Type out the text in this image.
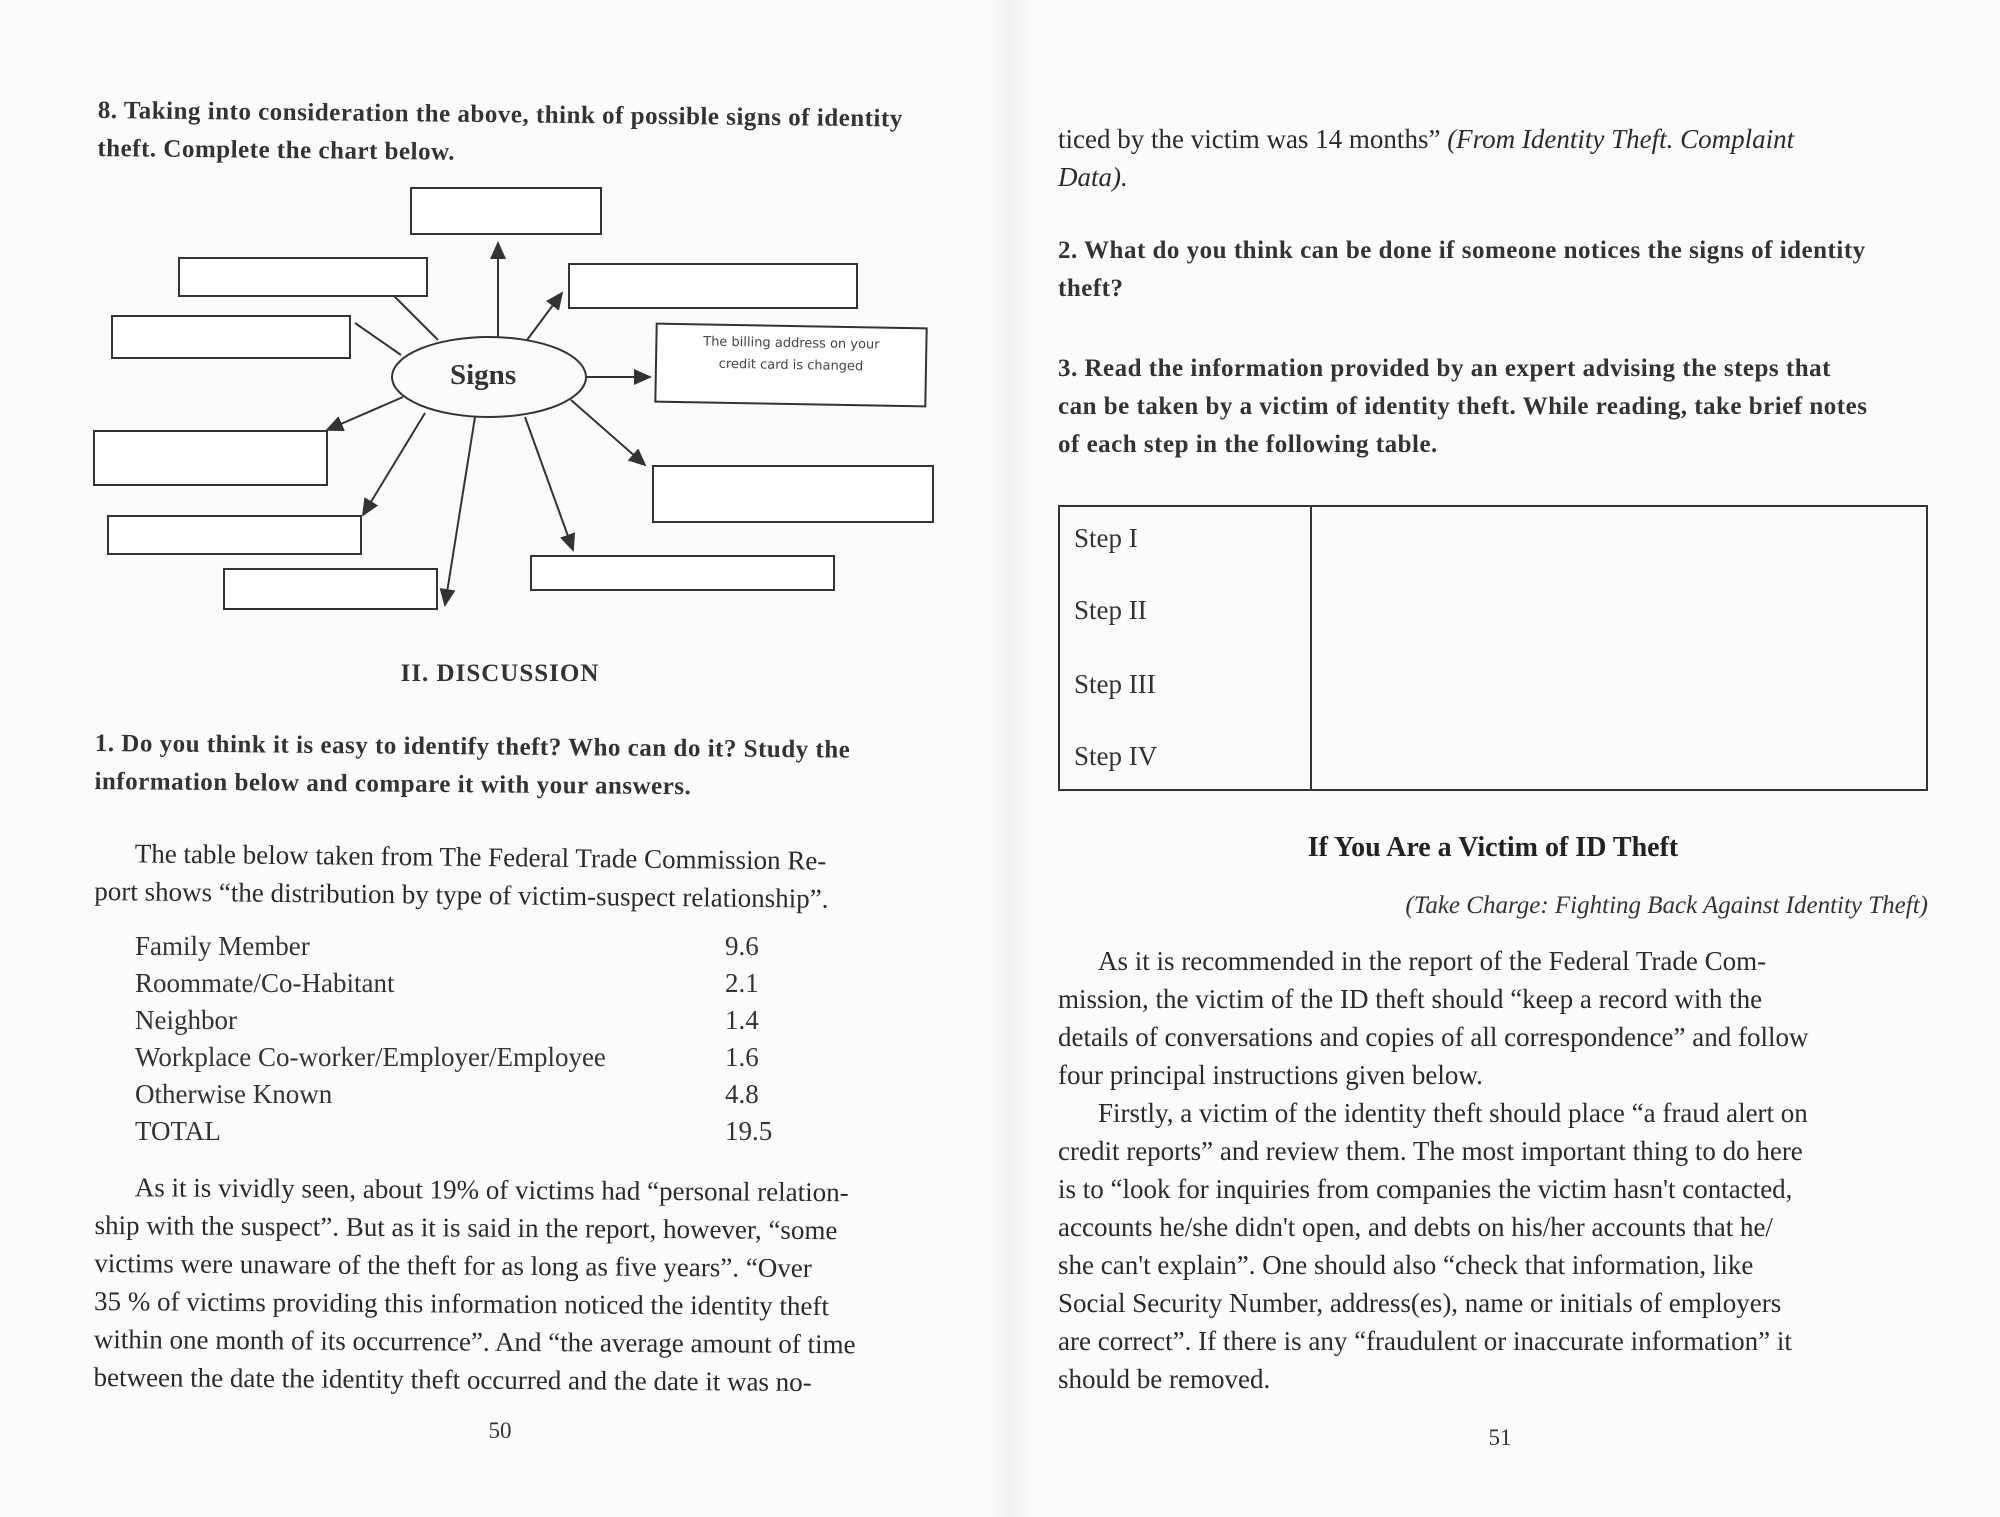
8. Taking into consideration the above, think of possible signs of identity
theft. Complete the chart below.
Signs
The billing address on your
credit card is changed
II. DISCUSSION
1. Do you think it is easy to identify theft? Who can do it? Study the
information below and compare it with your answers.
The table below taken from The Federal Trade Commission Re-
port shows “the distribution by type of victim-suspect relationship”.
Family Member	9.6
Roommate/Co-Habitant	2.1
Neighbor	1.4
Workplace Co-worker/Employer/Employee	1.6
Otherwise Known	4.8
TOTAL	19.5
As it is vividly seen, about 19% of victims had “personal relation-
ship with the suspect”. But as it is said in the report, however, “some
victims were unaware of the theft for as long as five years”. “Over
35 % of victims providing this information noticed the identity theft
within one month of its occurrence”. And “the average amount of time
between the date the identity theft occurred and the date it was no-
50
ticed by the victim was 14 months” (From Identity Theft. Complaint
Data).
2. What do you think can be done if someone notices the signs of identity
theft?
3. Read the information provided by an expert advising the steps that
can be taken by a victim of identity theft. While reading, take brief notes
of each step in the following table.
Step I
Step II
Step III
Step IV
If You Are a Victim of ID Theft
(Take Charge: Fighting Back Against Identity Theft)
As it is recommended in the report of the Federal Trade Com-
mission, the victim of the ID theft should “keep a record with the
details of conversations and copies of all correspondence” and follow
four principal instructions given below.
Firstly, a victim of the identity theft should place “a fraud alert on
credit reports” and review them. The most important thing to do here
is to “look for inquiries from companies the victim hasn't contacted,
accounts he/she didn't open, and debts on his/her accounts that he/
she can't explain”. One should also “check that information, like
Social Security Number, address(es), name or initials of employers
are correct”. If there is any “fraudulent or inaccurate information” it
should be removed.
51
